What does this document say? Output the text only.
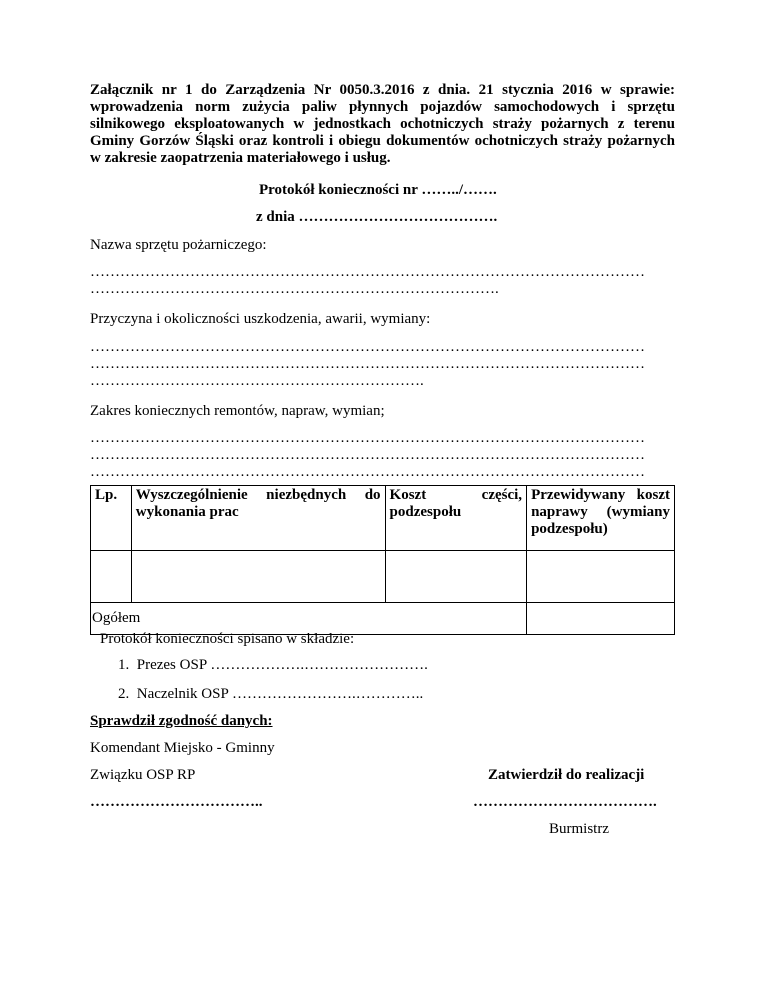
Załącznik nr 1 do Zarządzenia Nr 0050.3.2016 z dnia. 21 stycznia 2016 w sprawie: wprowadzenia norm zużycia paliw płynnych pojazdów samochodowych i sprzętu silnikowego eksploatowanych w jednostkach ochotniczych straży pożarnych z terenu Gminy Gorzów Śląski oraz kontroli i obiegu dokumentów ochotniczych straży pożarnych w zakresie zaopatrzenia materiałowego i usług.
Protokół konieczności nr ……../…….
z dnia ………………………………….
Nazwa sprzętu pożarniczego:
…………………………………………………………………………………………………
……………………………………………………………………….
Przyczyna i okoliczności uszkodzenia, awarii, wymiany:
…………………………………………………………………………………………………
…………………………………………………………………………………………………
………………………………………………………….
Zakres koniecznych remontów, napraw, wymian;
…………………………………………………………………………………………………
…………………………………………………………………………………………………
…………………………………………………………………………………………………
Lp.	Wyszczególnienie niezbędnych do wykonania prac	Koszt części, podzespołu	Przewidywany koszt naprawy (wymiany podzespołu)

Ogółem			
Protokół konieczności spisano w składzie:
1.  Prezes OSP ……………….…………………….
2.  Naczelnik OSP …………………….…………..
Sprawdził zgodność danych:
Komendant Miejsko - Gminny
Związku OSP RP
……………………………..
Zatwierdził do realizacji
……………………………….
Burmistrz
